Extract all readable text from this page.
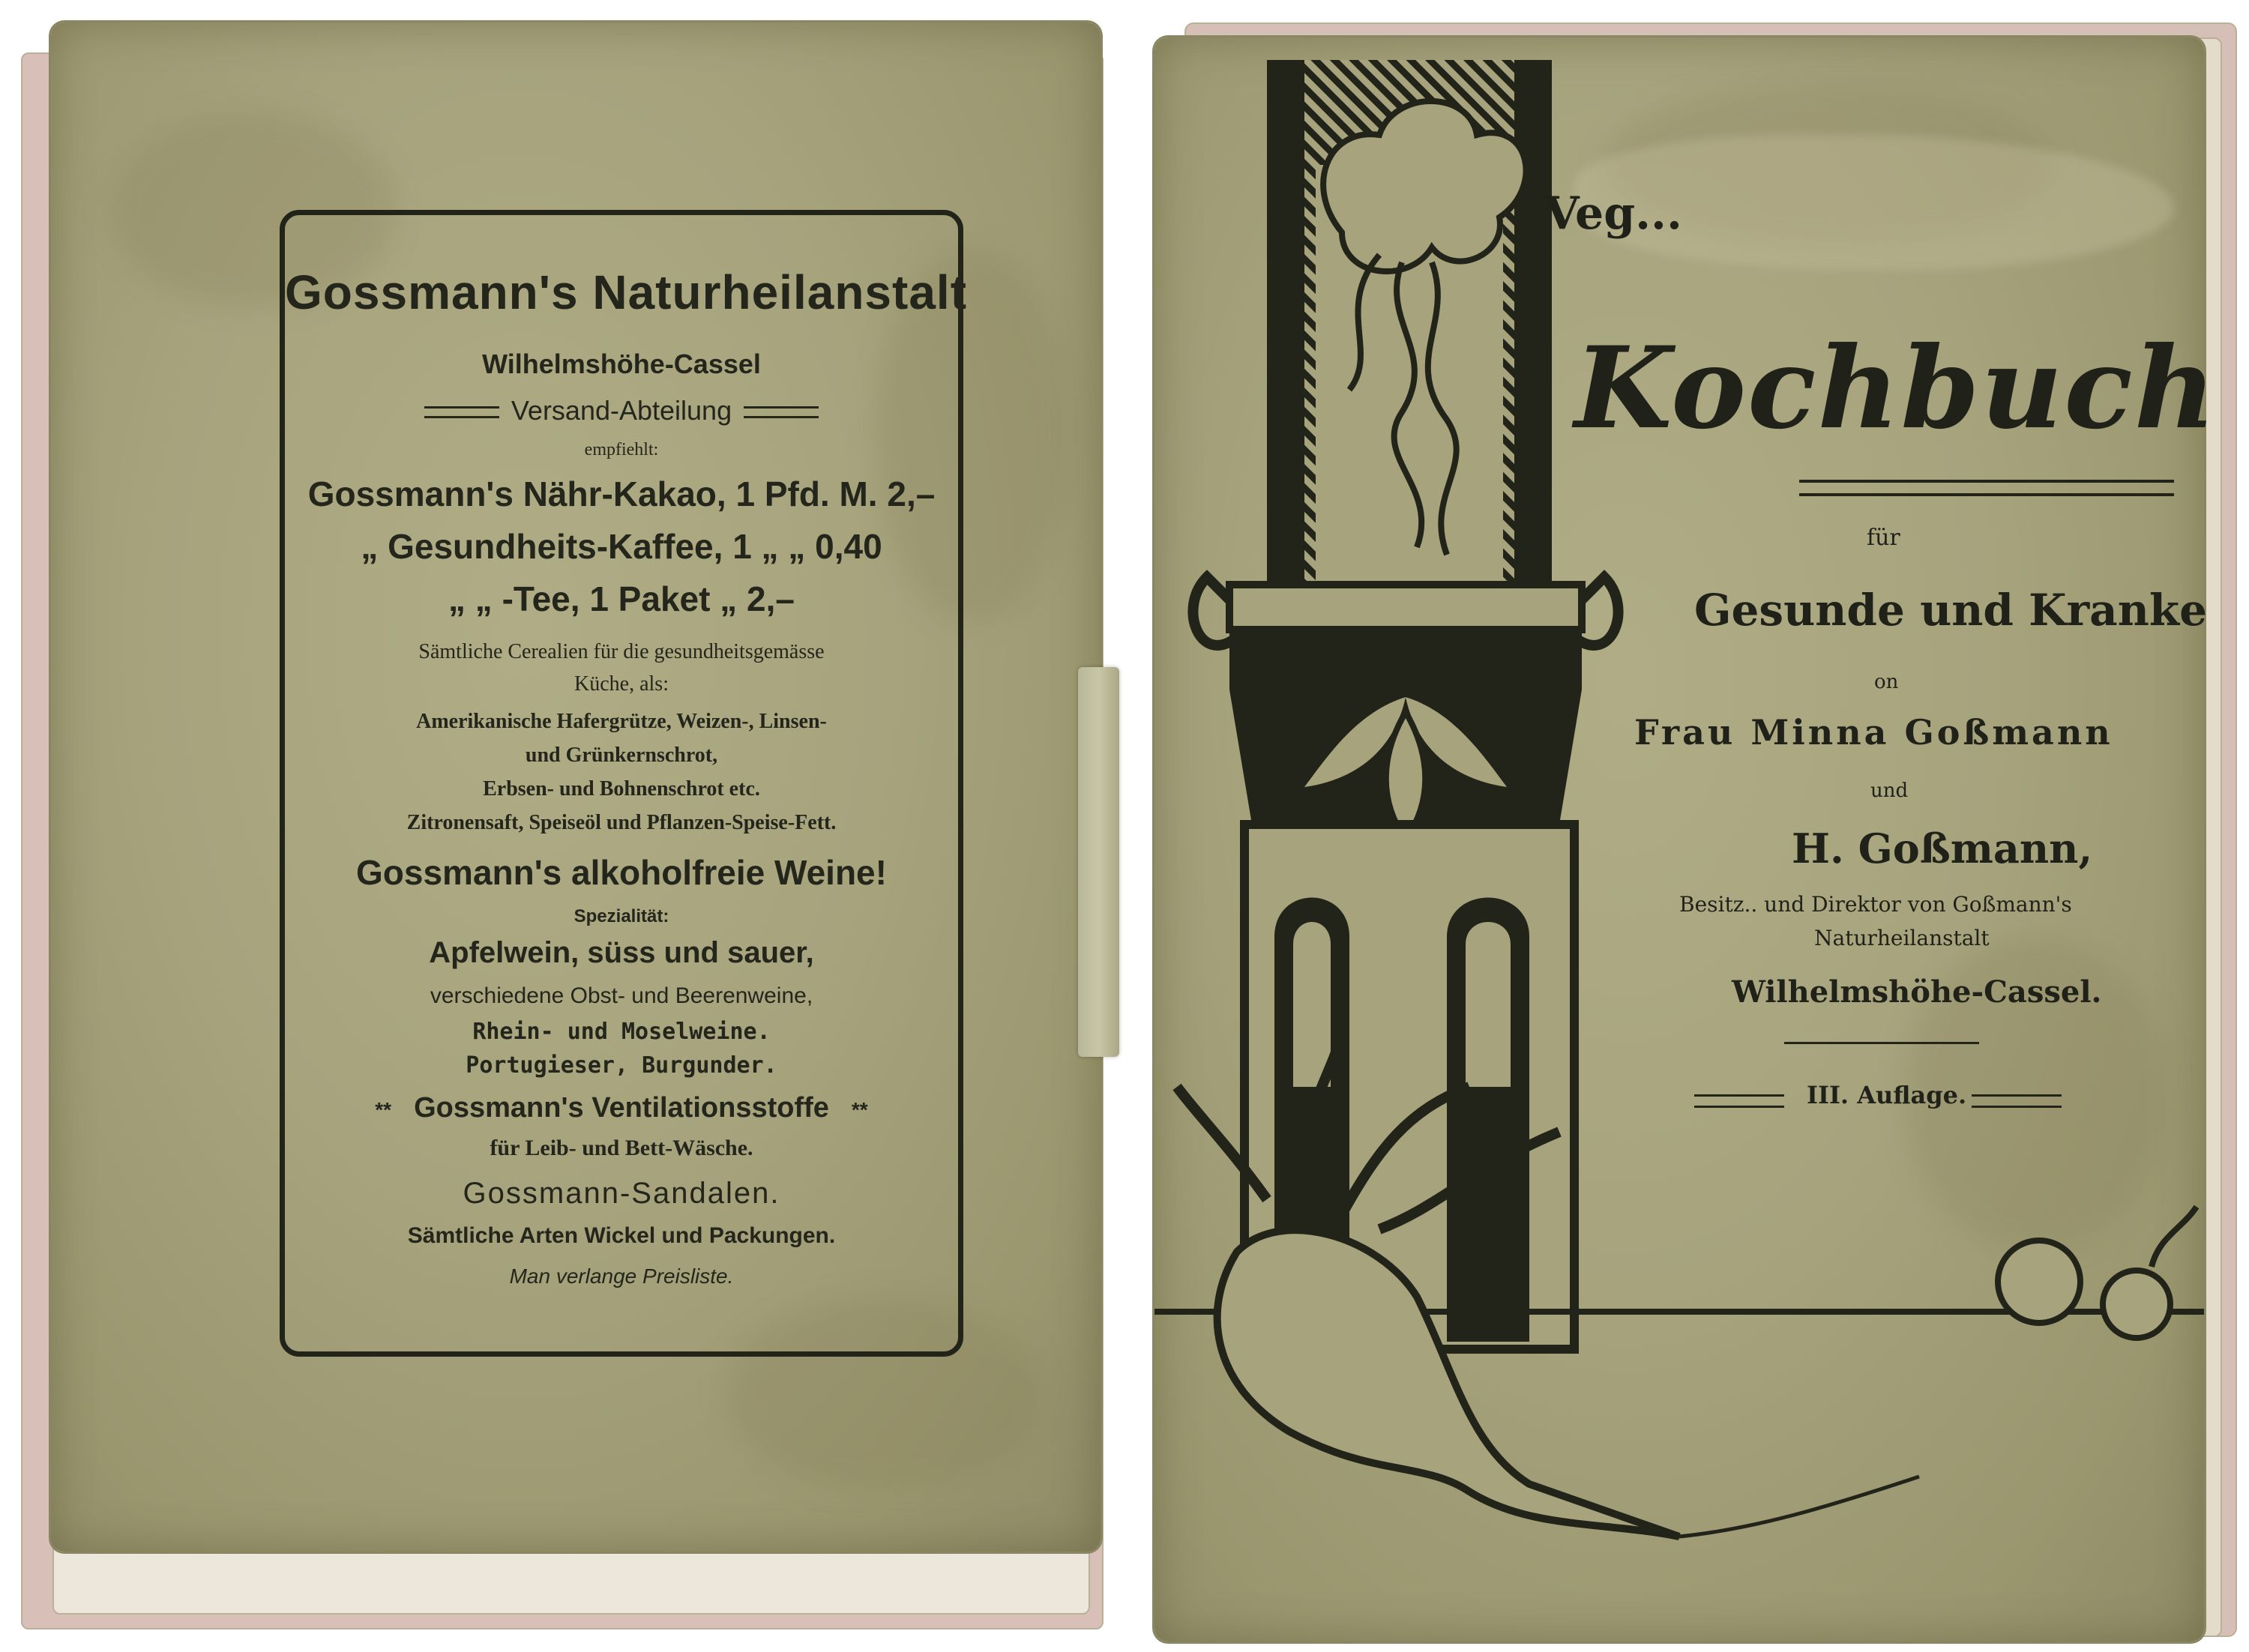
Gossmann's Naturheilanstalt
Wilhelmshöhe-Cassel
Versand-Abteilung
empfiehlt:
Gossmann's Nähr-Kakao, 1 Pfd. M. 2,–
„ Gesundheits-Kaffee, 1 „ „ 0,40
„ „ -Tee, 1 Paket „ 2,–
Sämtliche Cerealien für die gesundheitsgemässe
Küche, als:
Amerikanische Hafergrütze, Weizen-, Linsen-
und Grünkernschrot,
Erbsen- und Bohnenschrot etc.
Zitronensaft, Speiseöl und Pflanzen-Speise-Fett.
Gossmann's alkoholfreie Weine!
Spezialität:
Apfelwein, süss und sauer,
verschiedene Obst- und Beerenweine,
Rhein- und Moselweine.
Portugieser, Burgunder.
** Gossmann's Ventilationsstoffe **
für Leib- und Bett-Wäsche.
Gossmann-Sandalen.
Sämtliche Arten Wickel und Packungen.
Man verlange Preisliste.
Veg...
Kochbuch
für
Gesunde und Kranke
on
Frau Minna Goßmann
und
H. Goßmann,
Besitz.. und Direktor von Goßmann's
Naturheilanstalt
Wilhelmshöhe-Cassel.
III. Auflage.
